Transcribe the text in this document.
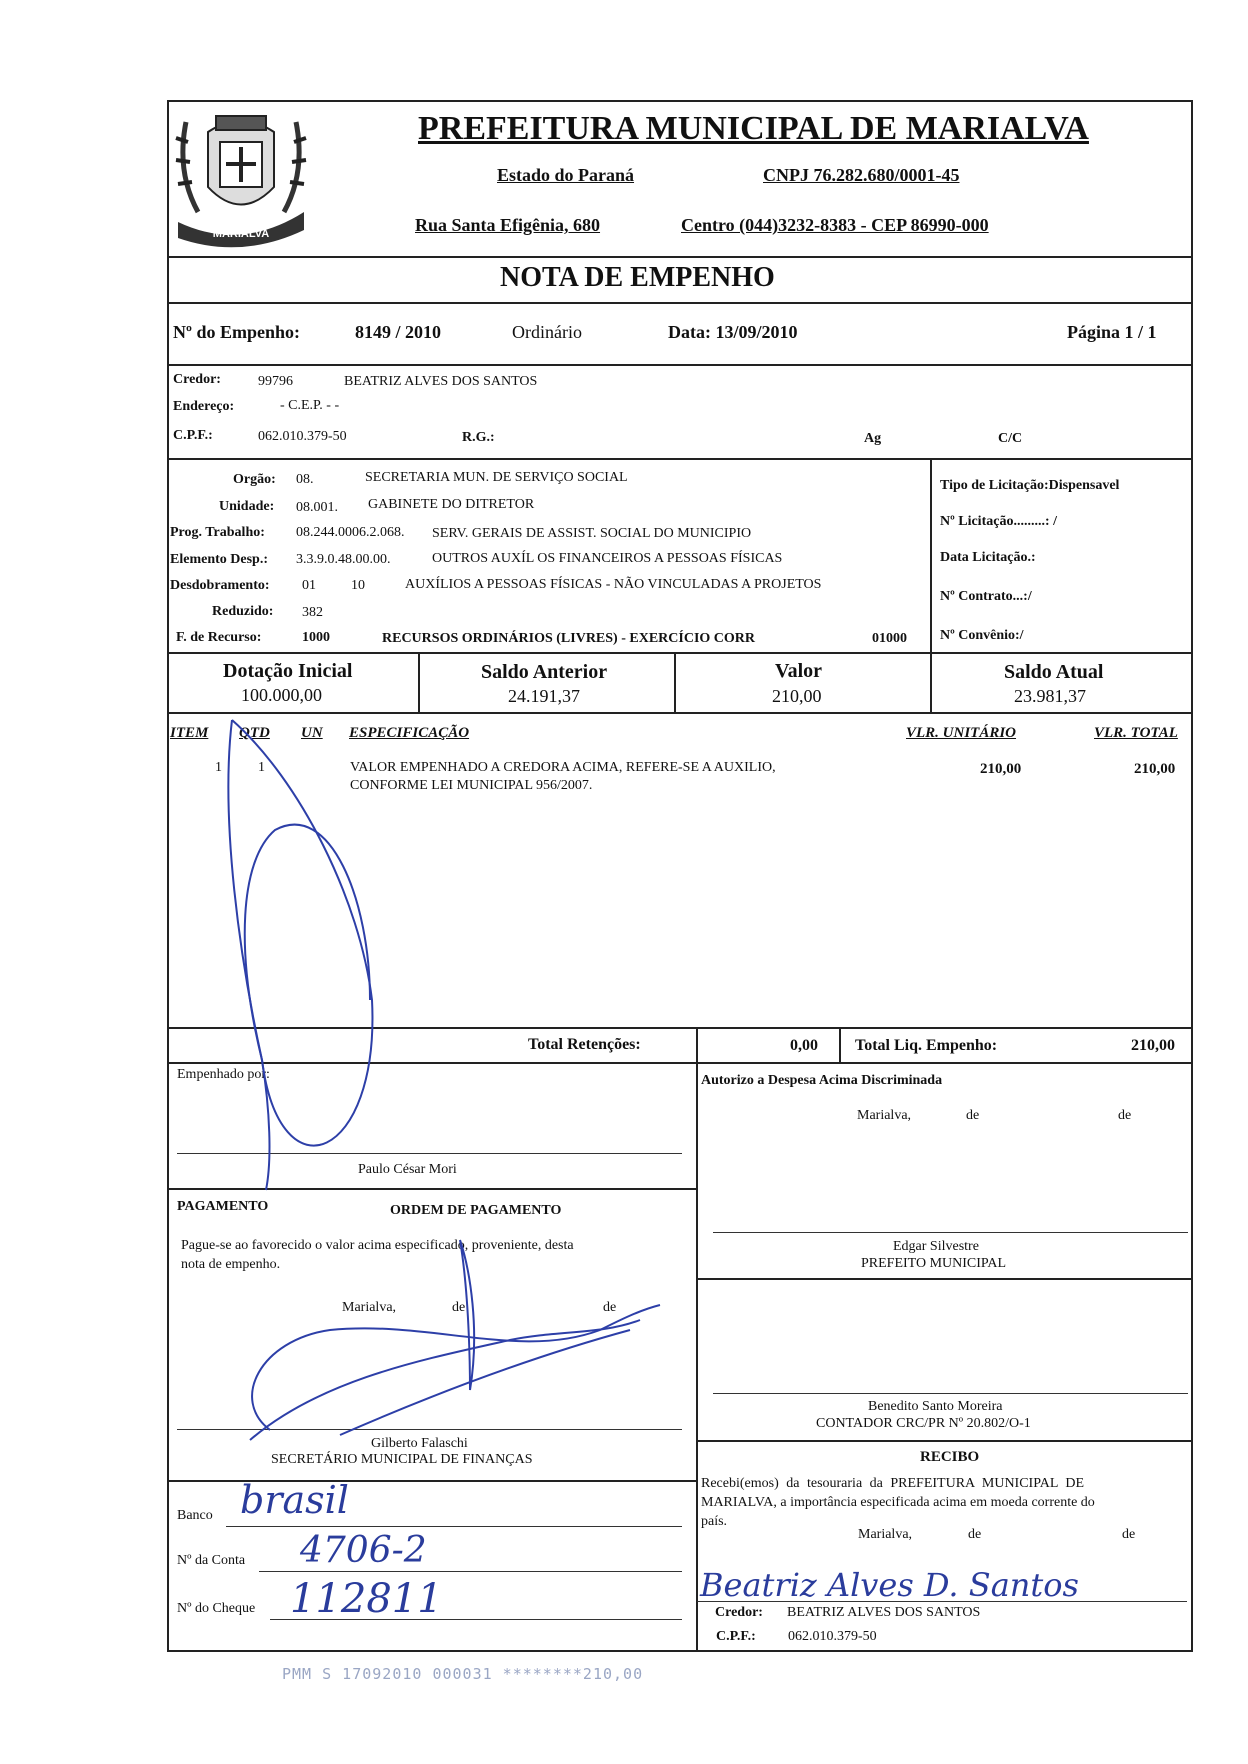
MARIALVA
PREFEITURA MUNICIPAL DE MARIALVA
Estado do Paraná	CNPJ 76.282.680/0001-45
Rua Santa Efigênia, 680	Centro (044)3232-8383 - CEP 86990-000
NOTA DE EMPENHO
Nº do Empenho:	8149 / 2010	Ordinário	Data: 13/09/2010	Página 1 / 1
Credor:	99796	BEATRIZ ALVES DOS SANTOS
Endereço:	- C.E.P. - -
C.P.F.:	062.010.379-50	R.G.:	Ag	C/C
Orgão: 08.	SECRETARIA MUN. DE SERVIÇO SOCIAL
Unidade: 08.001. GABINETE DO DITRETOR
Prog. Trabalho: 08.244.0006.2.068. SERV. GERAIS DE ASSIST. SOCIAL DO MUNICIPIO
Elemento Desp.: 3.3.9.0.48.00.00.	OUTROS AUXÍL OS FINANCEIROS A PESSOAS FÍSICAS
Desdobramento: 01	10	AUXÍLIOS A PESSOAS FÍSICAS - NÃO VINCULADAS A PROJETOS
Reduzido: 382
F. de Recurso:	1000	RECURSOS ORDINÁRIOS (LIVRES) - EXERCÍCIO CORR	01000
Tipo de Licitação:Dispensavel
Nº Licitação.........: /
Data Licitação.:
Nº Contrato...:/
Nº Convênio:/
Dotação Inicial
100.000,00
Saldo Anterior
24.191,37
Valor
210,00
Saldo Atual
23.981,37
ITEM QTD UN ESPECIFICAÇÃO	VLR. UNITÁRIO	VLR. TOTAL
1	1	VALOR EMPENHADO A CREDORA ACIMA, REFERE-SE A AUXILIO,
CONFORME LEI MUNICIPAL 956/2007.
210,00	210,00
Total Retenções:	0,00 Total Liq. Empenho:	210,00
Empenhado por:
Paulo César Mori
Autorizo a Despesa Acima Discriminada
Marialva,	de	de
Edgar Silvestre
PREFEITO MUNICIPAL
PAGAMENTO	ORDEM DE PAGAMENTO
Pague-se ao favorecido o valor acima especificado, proveniente, desta
nota de empenho.
Marialva,	de	de
Gilberto Falaschi
SECRETÁRIO MUNICIPAL DE FINANÇAS
Benedito Santo Moreira
CONTADOR CRC/PR Nº 20.802/O-1
Banco brasil
Nº da Conta 4706-2
Nº do Cheque 112811
RECIBO
Recebi(emos) da tesouraria da PREFEITURA MUNICIPAL DE
MARIALVA, a importância especificada acima em moeda corrente do
país.
Marialva,	de	de
Beatriz Alves D. Santos
Credor: BEATRIZ ALVES DOS SANTOS
C.P.F.: 062.010.379-50
PMM S 17092010 000031 ********210,00
